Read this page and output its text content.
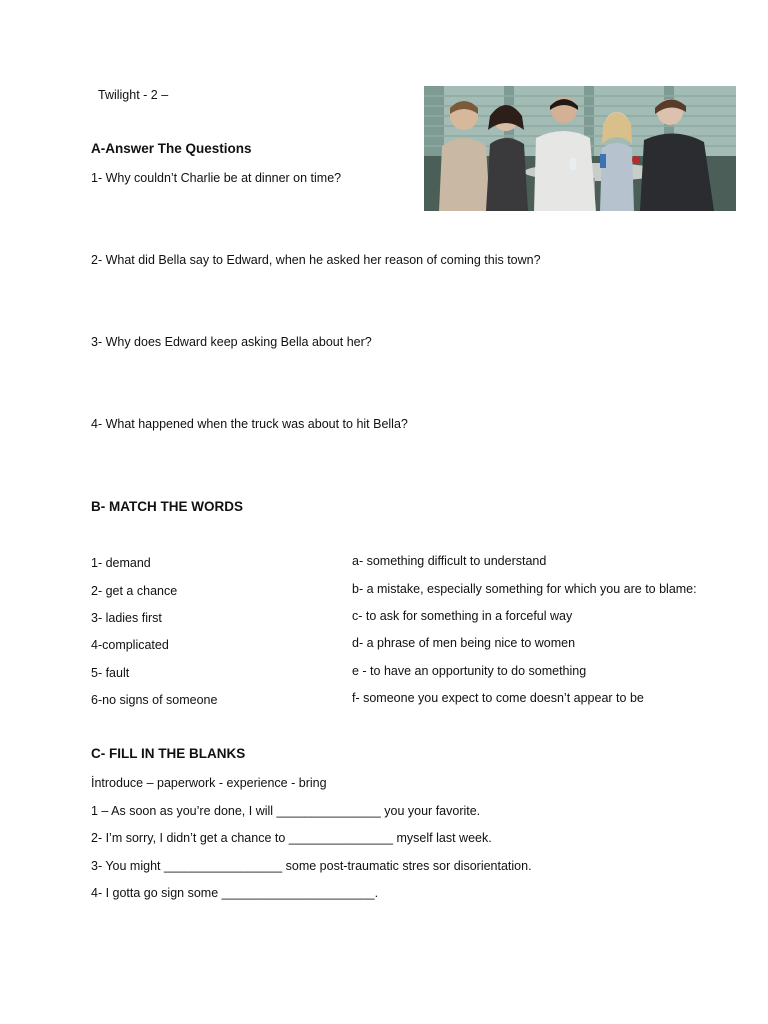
Twilight - 2 –
A-Answer The Questions
1- Why couldn’t Charlie be at dinner on time?
2- What did Bella say to Edward, when he asked her reason of coming this town?
3- Why does Edward keep asking Bella about her?
4- What happened when the truck was about to hit Bella?
B- MATCH THE WORDS
1- demand
2- get a chance
3- ladies first
4-complicated
5- fault
6-no signs of someone
a- something difficult to understand
b- a mistake, especially something for which you are to blame:
c- to ask for something in a forceful way
d- a phrase of men being nice to women
e - to have an opportunity to do something
f- someone you expect to come doesn’t appear to be
C- FILL IN THE BLANKS
İntroduce – paperwork - experience - bring
1 – As soon as you’re done, I will _______________ you your favorite.
2- I’m sorry, I didn’t get a chance to _______________ myself last week.
3- You might _________________ some post-traumatic stres sor disorientation.
4- I gotta go sign some ______________________.
